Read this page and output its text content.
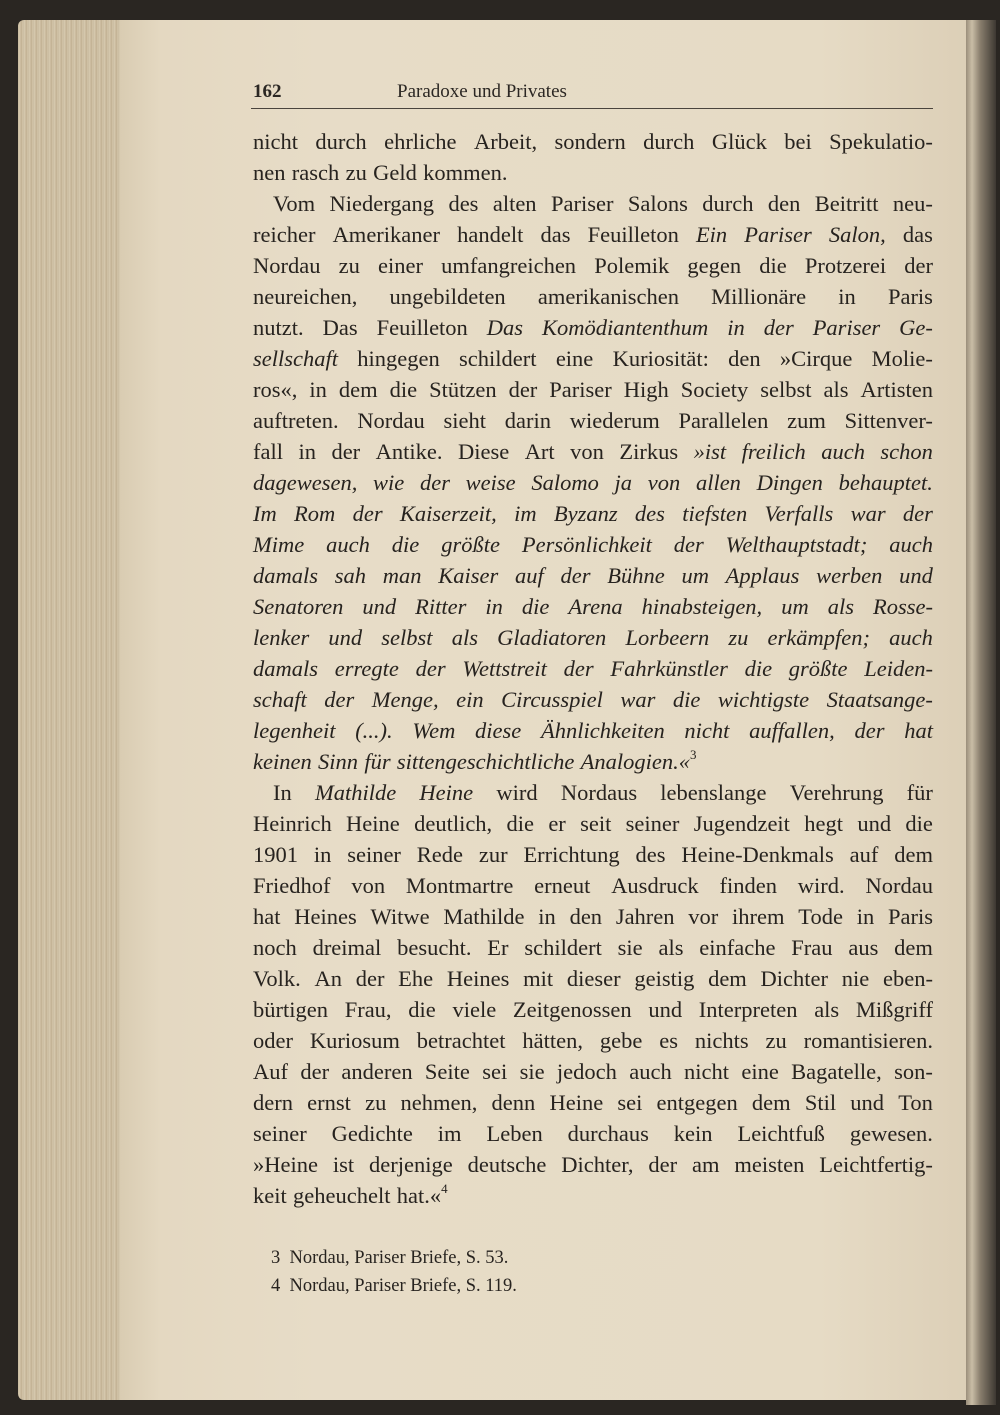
162	Paradoxe und Privates
nicht durch ehrliche Arbeit, sondern durch Glück bei Spekulatio-
nen rasch zu Geld kommen.
Vom Niedergang des alten Pariser Salons durch den Beitritt neu-
reicher Amerikaner handelt das Feuilleton Ein Pariser Salon, das
Nordau zu einer umfangreichen Polemik gegen die Protzerei der
neureichen, ungebildeten amerikanischen Millionäre in Paris
nutzt. Das Feuilleton Das Komödiantenthum in der Pariser Ge-
sellschaft hingegen schildert eine Kuriosität: den »Cirque Molie-
ros«, in dem die Stützen der Pariser High Society selbst als Artisten
auftreten. Nordau sieht darin wiederum Parallelen zum Sittenver-
fall in der Antike. Diese Art von Zirkus »ist freilich auch schon
dagewesen, wie der weise Salomo ja von allen Dingen behauptet.
Im Rom der Kaiserzeit, im Byzanz des tiefsten Verfalls war der
Mime auch die größte Persönlichkeit der Welthauptstadt; auch
damals sah man Kaiser auf der Bühne um Applaus werben und
Senatoren und Ritter in die Arena hinabsteigen, um als Rosse-
lenker und selbst als Gladiatoren Lorbeern zu erkämpfen; auch
damals erregte der Wettstreit der Fahrkünstler die größte Leiden-
schaft der Menge, ein Circusspiel war die wichtigste Staatsange-
legenheit (...). Wem diese Ähnlichkeiten nicht auffallen, der hat
keinen Sinn für sittengeschichtliche Analogien.«$^3$
In Mathilde Heine wird Nordaus lebenslange Verehrung für
Heinrich Heine deutlich, die er seit seiner Jugendzeit hegt und die
1901 in seiner Rede zur Errichtung des Heine-Denkmals auf dem
Friedhof von Montmartre erneut Ausdruck finden wird. Nordau
hat Heines Witwe Mathilde in den Jahren vor ihrem Tode in Paris
noch dreimal besucht. Er schildert sie als einfache Frau aus dem
Volk. An der Ehe Heines mit dieser geistig dem Dichter nie eben-
bürtigen Frau, die viele Zeitgenossen und Interpreten als Mißgriff
oder Kuriosum betrachtet hätten, gebe es nichts zu romantisieren.
Auf der anderen Seite sei sie jedoch auch nicht eine Bagatelle, son-
dern ernst zu nehmen, denn Heine sei entgegen dem Stil und Ton
seiner Gedichte im Leben durchaus kein Leichtfuß gewesen.
»Heine ist derjenige deutsche Dichter, der am meisten Leichtfertig-
keit geheuchelt hat.«$^4$
3 Nordau, Pariser Briefe, S. 53.
4 Nordau, Pariser Briefe, S. 119.
